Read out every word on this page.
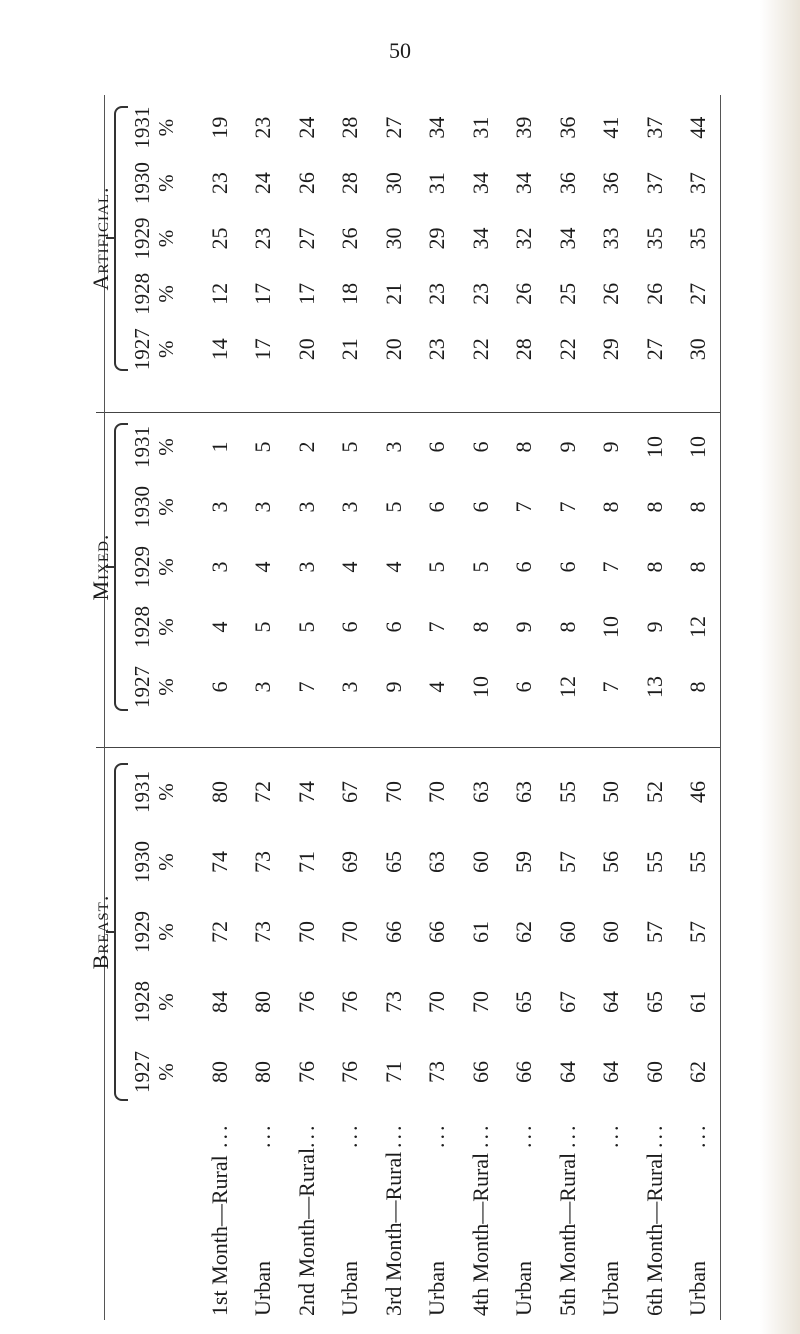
50
1st Month—Rural
...
Urban
...
2nd Month—Rural
...
Urban
...
3rd Month—Rural
...
Urban
...
4th Month—Rural
...
Urban
...
5th Month—Rural
...
Urban
...
6th Month—Rural
...
Urban
...
Breast.
1927 %
1928 %
1929 %
1930 %
1931 %
80
84
72
74
80
80
80
73
73
72
76
76
70
71
74
76
76
70
69
67
71
73
66
65
70
73
70
66
63
70
66
70
61
60
63
66
65
62
59
63
64
67
60
57
55
64
64
60
56
50
60
65
57
55
52
62
61
57
55
46
Mixed.
1927 %
1928 %
1929 %
1930 %
1931 %
6
4
3
3
1
3
5
4
3
5
7
5
3
3
2
3
6
4
3
5
9
6
4
5
3
4
7
5
6
6
10
8
5
6
6
6
9
6
7
8
12
8
6
7
9
7
10
7
8
9
13
9
8
8
10
8
12
8
8
10
Artificial.
1927 %
1928 %
1929 %
1930 %
1931 %
14
12
25
23
19
17
17
23
24
23
20
17
27
26
24
21
18
26
28
28
20
21
30
30
27
23
23
29
31
34
22
23
34
34
31
28
26
32
34
39
22
25
34
36
36
29
26
33
36
41
27
26
35
37
37
30
27
35
37
44
